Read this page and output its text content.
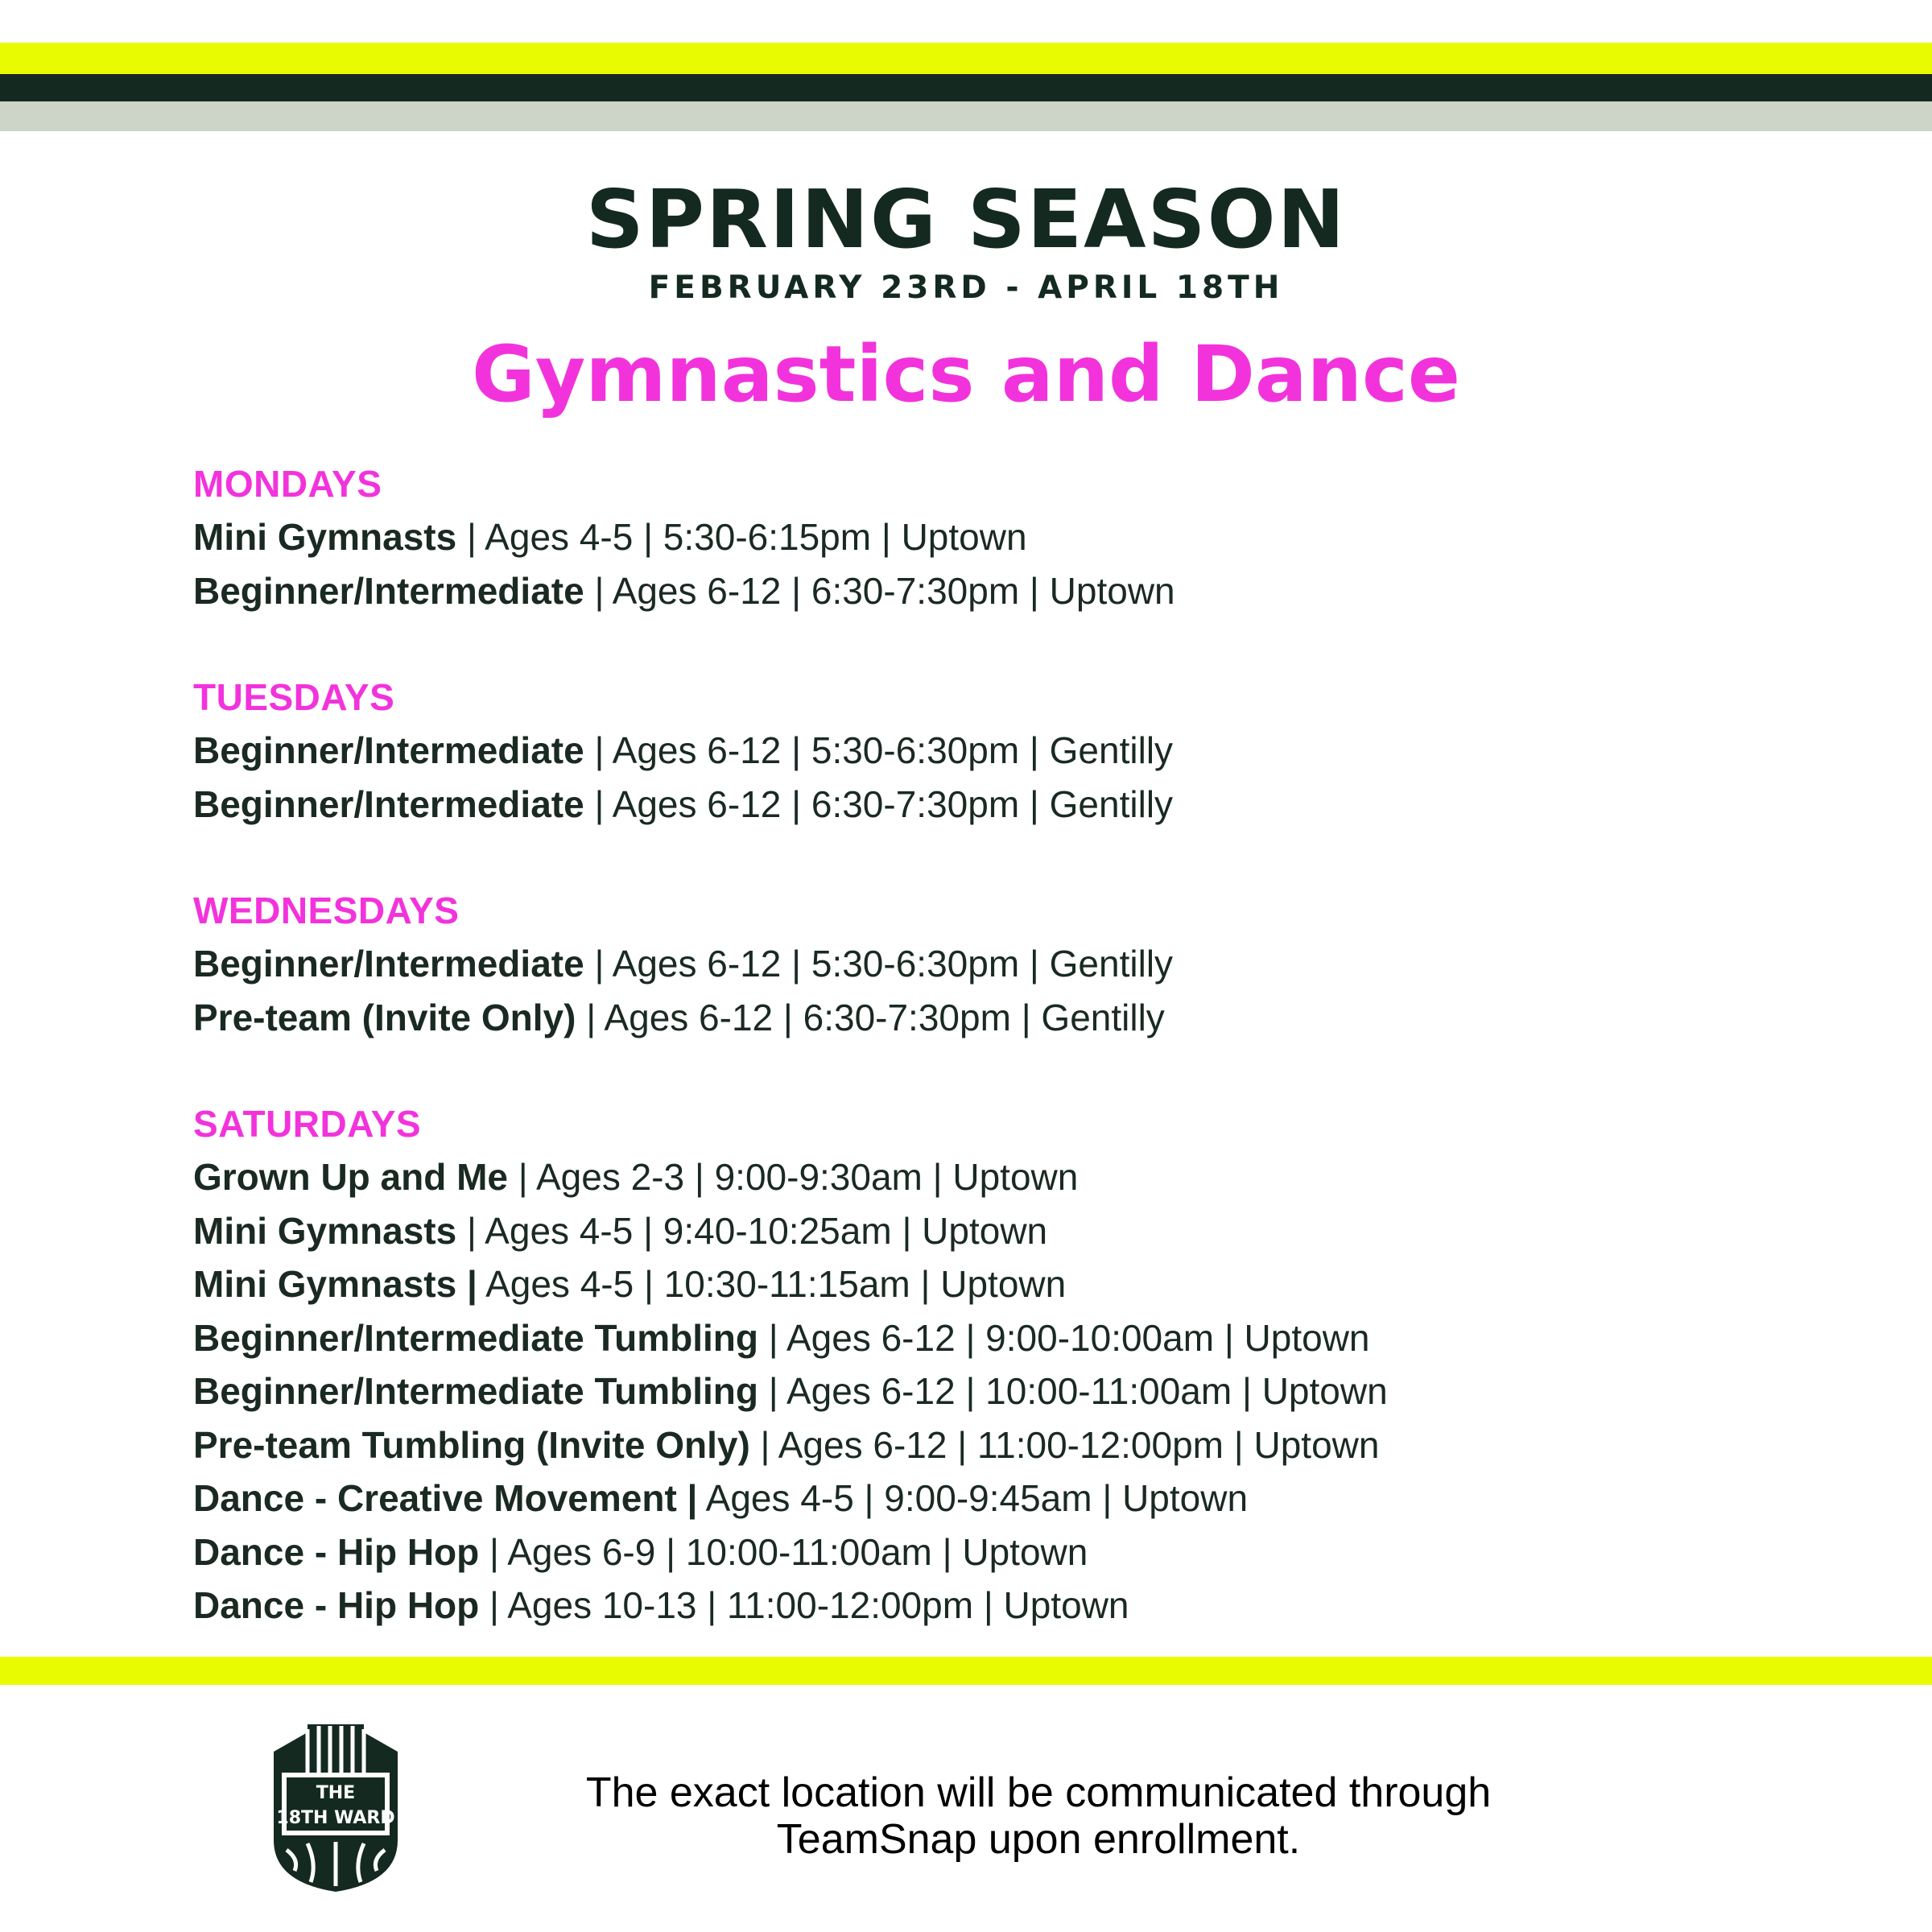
SPRING SEASON
FEBRUARY 23RD - APRIL 18TH
Gymnastics and Dance
MONDAYS
Mini Gymnasts | Ages 4-5 | 5:30-6:15pm | Uptown
Beginner/Intermediate | Ages 6-12 | 6:30-7:30pm | Uptown
TUESDAYS
Beginner/Intermediate | Ages 6-12 | 5:30-6:30pm | Gentilly
Beginner/Intermediate | Ages 6-12 | 6:30-7:30pm | Gentilly
WEDNESDAYS
Beginner/Intermediate | Ages 6-12 | 5:30-6:30pm | Gentilly
Pre-team (Invite Only) | Ages 6-12 | 6:30-7:30pm | Gentilly
SATURDAYS
Grown Up and Me | Ages 2-3 | 9:00-9:30am | Uptown
Mini Gymnasts | Ages 4-5 | 9:40-10:25am | Uptown
Mini Gymnasts | Ages 4-5 | 10:30-11:15am | Uptown
Beginner/Intermediate Tumbling | Ages 6-12 | 9:00-10:00am | Uptown
Beginner/Intermediate Tumbling | Ages 6-12 | 10:00-11:00am | Uptown
Pre-team Tumbling (Invite Only) | Ages 6-12 | 11:00-12:00pm | Uptown
Dance - Creative Movement | Ages 4-5 | 9:00-9:45am | Uptown
Dance - Hip Hop | Ages 6-9 | 10:00-11:00am | Uptown
Dance - Hip Hop | Ages 10-13 | 11:00-12:00pm | Uptown
THE
18TH WARD
The exact location will be communicated through
TeamSnap upon enrollment.
